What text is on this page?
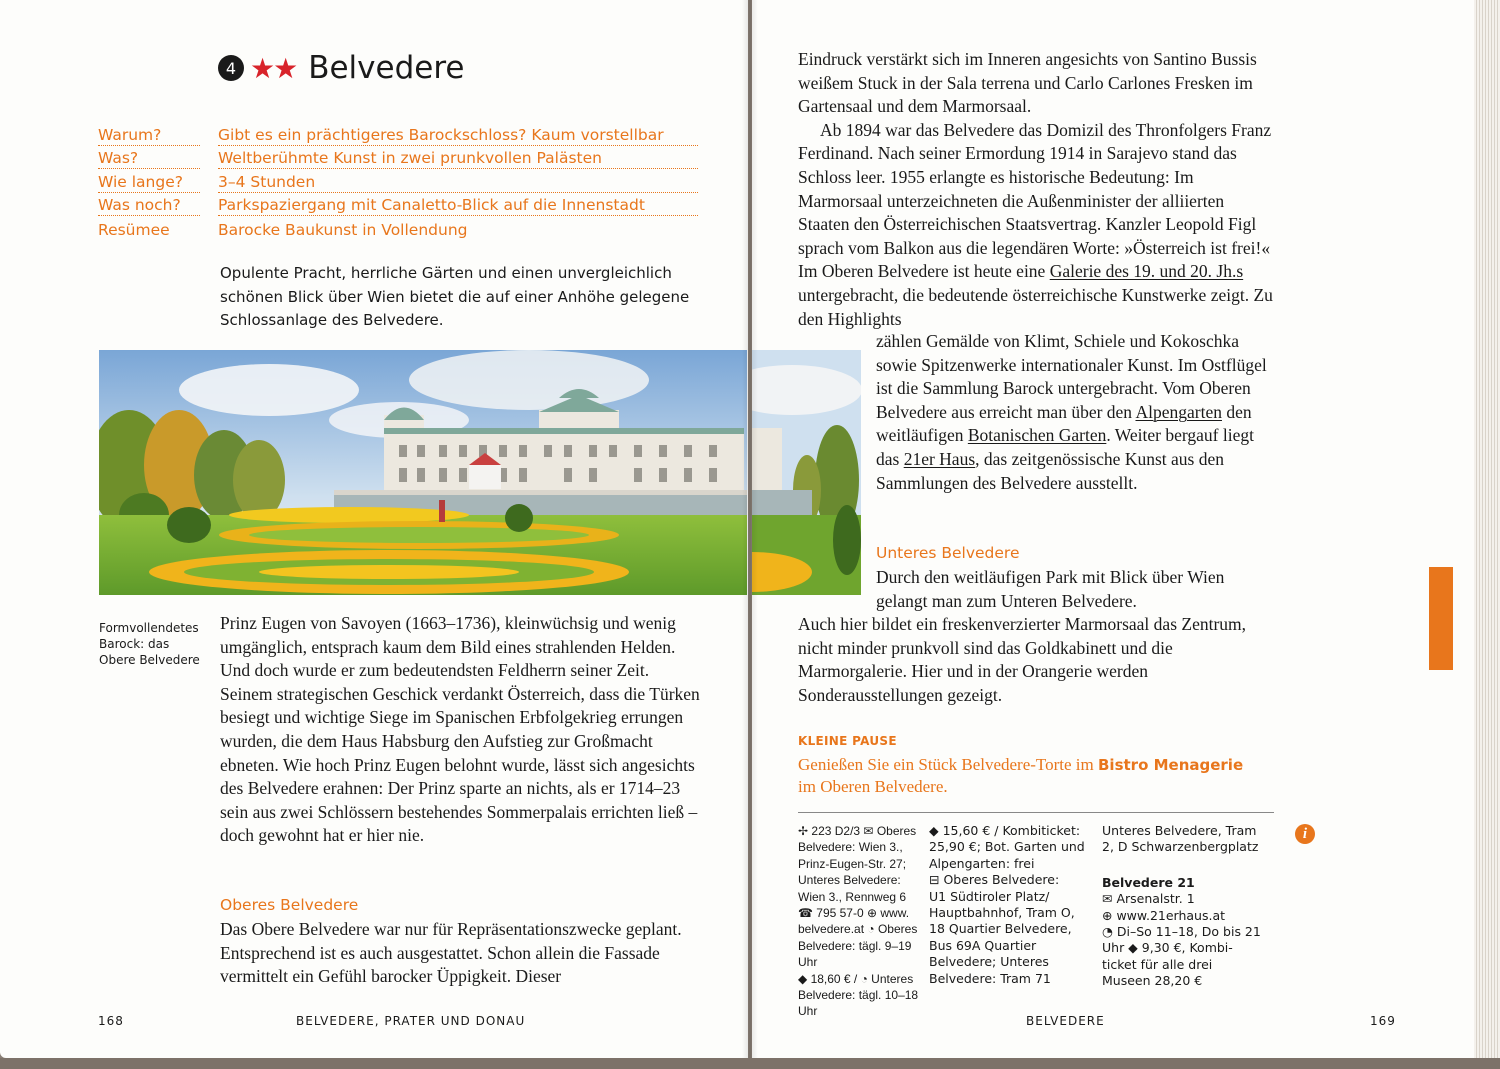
4 ★★ Belvedere
Warum?	Gibt es ein prächtigeres Barockschloss? Kaum vorstellbar
Was?	Weltberühmte Kunst in zwei prunkvollen Palästen
Wie lange?	3–4 Stunden
Was noch?	Parkspaziergang mit Canaletto-Blick auf die Innenstadt
Resümee	Barocke Baukunst in Vollendung
Opulente Pracht, herrliche Gärten und einen unvergleichlich schönen Blick über Wien bietet die auf einer Anhöhe gelegene Schlossanlage des Belvedere.
Formvollendetes Barock: das Obere Belvedere
Prinz Eugen von Savoyen (1663–1736), kleinwüchsig und wenig umgänglich, entsprach kaum dem Bild eines strahlenden Helden. Und doch wurde er zum bedeutendsten Feldherrn seiner Zeit. Seinem strategischen Geschick verdankt Österreich, dass die Türken besiegt und wichtige Siege im Spanischen Erbfolgekrieg errungen wurden, die dem Haus Habsburg den Aufstieg zur Großmacht ebneten. Wie hoch Prinz Eugen belohnt wurde, lässt sich angesichts des Belvedere erahnen: Der Prinz sparte an nichts, als er 1714–23 sein aus zwei Schlössern bestehendes Sommerpalais errichten ließ – doch gewohnt hat er hier nie.
Oberes Belvedere
Das Obere Belvedere war nur für Repräsentationszwecke geplant. Entsprechend ist es auch ausgestattet. Schon allein die Fassade vermittelt ein Gefühl barocker Üppigkeit. Dieser
168	BELVEDERE, PRATER UND DONAU
Eindruck verstärkt sich im Inneren angesichts von Santino Bussis weißem Stuck in der Sala terrena und Carlo Carlones Fresken im Gartensaal und dem Marmorsaal.
Ab 1894 war das Belvedere das Domizil des Thronfolgers Franz Ferdinand. Nach seiner Ermordung 1914 in Sarajevo stand das Schloss leer. 1955 erlangte es historische Bedeutung: Im Marmorsaal unterzeichneten die Außenminister der alliierten Staaten den Österreichischen Staatsvertrag. Kanzler Leopold Figl sprach vom Balkon aus die legendären Worte: »Österreich ist frei!« Im Oberen Belvedere ist heute eine Galerie des 19. und 20. Jh.s untergebracht, die bedeutende österreichische Kunstwerke zeigt. Zu den Highlights
zählen Gemälde von Klimt, Schiele und Kokoschka sowie Spitzenwerke internationaler Kunst. Im Ostflügel ist die Sammlung Barock untergebracht. Vom Oberen Belvedere aus erreicht man über den Alpengarten den weitläufigen Botanischen Garten. Weiter bergauf liegt das 21er Haus, das zeitgenössische Kunst aus den Sammlungen des Belvedere ausstellt.
Unteres Belvedere
Durch den weitläufigen Park mit Blick über Wien gelangt man zum Unteren Belvedere.
Auch hier bildet ein freskenverzierter Marmorsaal das Zentrum, nicht minder prunkvoll sind das Goldkabinett und die Marmorgalerie. Hier und in der Orangerie werden Sonderausstellungen gezeigt.
KLEINE PAUSE
Genießen Sie ein Stück Belvedere-Torte im Bistro Menagerie
im Oberen Belvedere.
✢ 223 D2/3 ✉ Oberes
Belvedere: Wien 3.,
Prinz-Eugen-Str. 27;
Unteres Belvedere:
Wien 3., Rennweg 6
☎ 795 57-0 ⊕ www.
belvedere.at ◔ Oberes
Belvedere: tägl. 9–19 Uhr
◆ 18,60 € / ◔ Unteres
Belvedere: tägl. 10–18 Uhr
◆ 15,60 € / Kombiticket:
25,90 €; Bot. Garten und
Alpengarten: frei
⊟ Oberes Belvedere:
U1 Südtiroler Platz/
Hauptbahnhof, Tram O,
18 Quartier Belvedere,
Bus 69A Quartier
Belvedere; Unteres
Belvedere: Tram 71
Unteres Belvedere, Tram
2, D Schwarzenbergplatz
Belvedere 21
✉ Arsenalstr. 1
⊕ www.21erhaus.at
◔ Di–So 11–18, Do bis 21
Uhr ◆ 9,30 €, Kombi-
ticket für alle drei
Museen 28,20 €
i
BELVEDERE	169
